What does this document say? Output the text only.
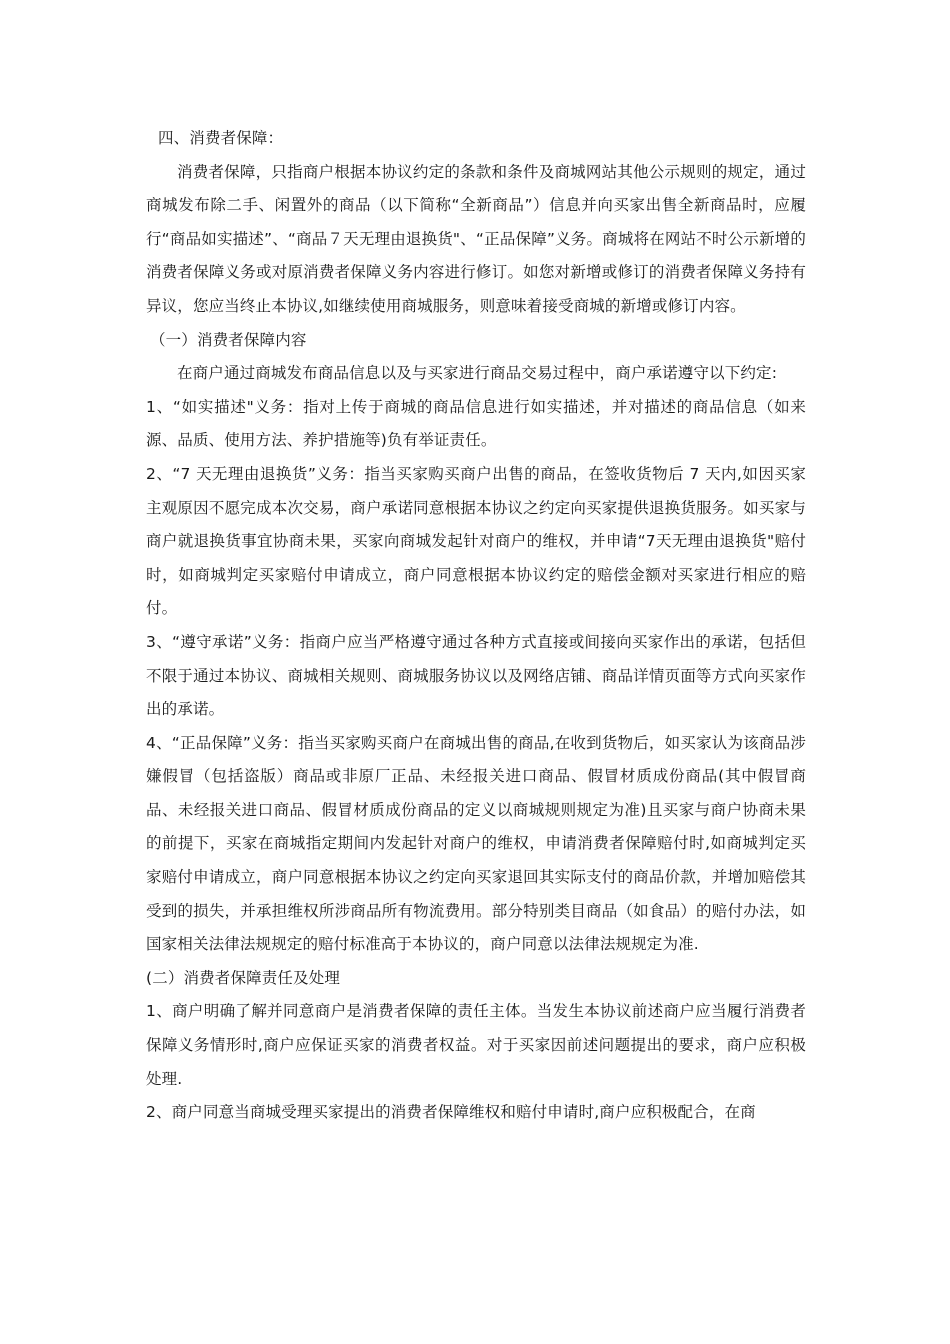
四、消费者保障：

消费者保障，只指商户根据本协议约定的条款和条件及商城网站其他公示规则的规定，通过商城发布除二手、闲置外的商品（以下简称“全新商品”）信息并向买家出售全新商品时，应履行“商品如实描述”、“商品７天无理由退换货"、“正品保障”义务。商城将在网站不时公示新增的消费者保障义务或对原消费者保障义务内容进行修订。如您对新增或修订的消费者保障义务持有异议，您应当终止本协议,如继续使用商城服务，则意味着接受商城的新增或修订内容。

（一）消费者保障内容

在商户通过商城发布商品信息以及与买家进行商品交易过程中，商户承诺遵守以下约定:

1、“如实描述"义务：指对上传于商城的商品信息进行如实描述，并对描述的商品信息（如来源、品质、使用方法、养护措施等)负有举证责任。

2、“7 天无理由退换货”义务：指当买家购买商户出售的商品，在签收货物后 7 天内,如因买家主观原因不愿完成本次交易，商户承诺同意根据本协议之约定向买家提供退换货服务。如买家与商户就退换货事宜协商未果，买家向商城发起针对商户的维权，并申请“7天无理由退换货"赔付时，如商城判定买家赔付申请成立，商户同意根据本协议约定的赔偿金额对买家进行相应的赔付。

3、“遵守承诺”义务：指商户应当严格遵守通过各种方式直接或间接向买家作出的承诺，包括但不限于通过本协议、商城相关规则、商城服务协议以及网络店铺、商品详情页面等方式向买家作出的承诺。

4、“正品保障”义务：指当买家购买商户在商城出售的商品,在收到货物后，如买家认为该商品涉嫌假冒（包括盗版）商品或非原厂正品、未经报关进口商品、假冒材质成份商品(其中假冒商品、未经报关进口商品、假冒材质成份商品的定义以商城规则规定为准)且买家与商户协商未果的前提下，买家在商城指定期间内发起针对商户的维权，申请消费者保障赔付时,如商城判定买家赔付申请成立，商户同意根据本协议之约定向买家退回其实际支付的商品价款，并增加赔偿其受到的损失，并承担维权所涉商品所有物流费用。部分特别类目商品（如食品）的赔付办法，如国家相关法律法规规定的赔付标准高于本协议的，商户同意以法律法规规定为准.

(二）消费者保障责任及处理

1、商户明确了解并同意商户是消费者保障的责任主体。当发生本协议前述商户应当履行消费者保障义务情形时,商户应保证买家的消费者权益。对于买家因前述问题提出的要求，商户应积极处理.

2、商户同意当商城受理买家提出的消费者保障维权和赔付申请时,商户应积极配合，在商
